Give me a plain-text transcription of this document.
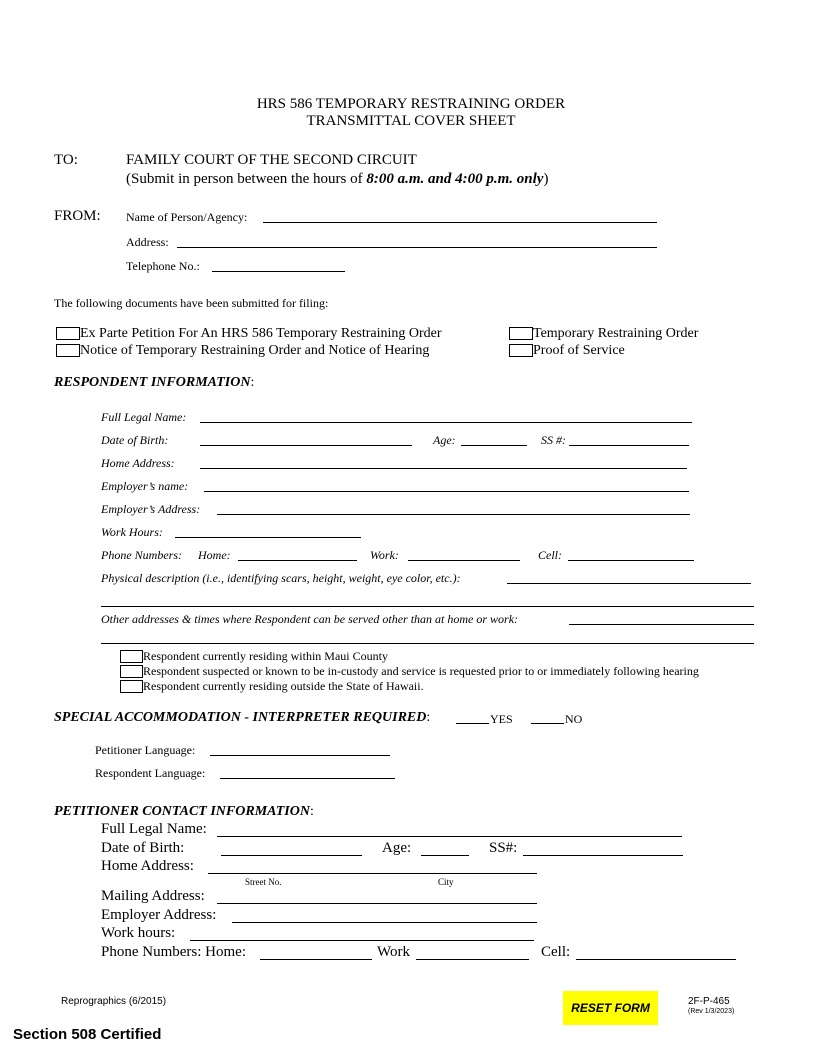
HRS 586 TEMPORARY RESTRAINING ORDER
TRANSMITTAL COVER SHEET
TO:	FAMILY COURT OF THE SECOND CIRCUIT
(Submit in person between the hours of 8:00 a.m. and 4:00 p.m. only)
FROM: Name of Person/Agency:
Address:
Telephone No.:
The following documents have been submitted for filing:
Ex Parte Petition For An HRS 586 Temporary Restraining Order	Temporary Restraining Order
Notice of Temporary Restraining Order and Notice of Hearing	Proof of Service
RESPONDENT INFORMATION:
Full Legal Name:
Date of Birth:	Age:	SS #:
Home Address:
Employer’s name:
Employer’s Address:
Work Hours:
Phone Numbers: Home:	Work:	Cell:
Physical description (i.e., identifying scars, height, weight, eye color, etc.):
Other addresses & times where Respondent can be served other than at home or work:
Respondent currently residing within Maui County
Respondent suspected or known to be in-custody and service is requested prior to or immediately following hearing
Respondent currently residing outside the State of Hawaii.
SPECIAL ACCOMMODATION - INTERPRETER REQUIRED:	YES	NO
Petitioner Language:
Respondent Language:
PETITIONER CONTACT INFORMATION:
Full Legal Name:
Date of Birth:	Age:	SS#:
Home Address:
Street No.	City
Mailing Address:
Employer Address:
Work hours:
Phone Numbers: Home:	Work	Cell:
Reprographics (6/2015)	RESET FORM	2F-P-465
(Rev 1/3/2023)
Section 508 Certified
